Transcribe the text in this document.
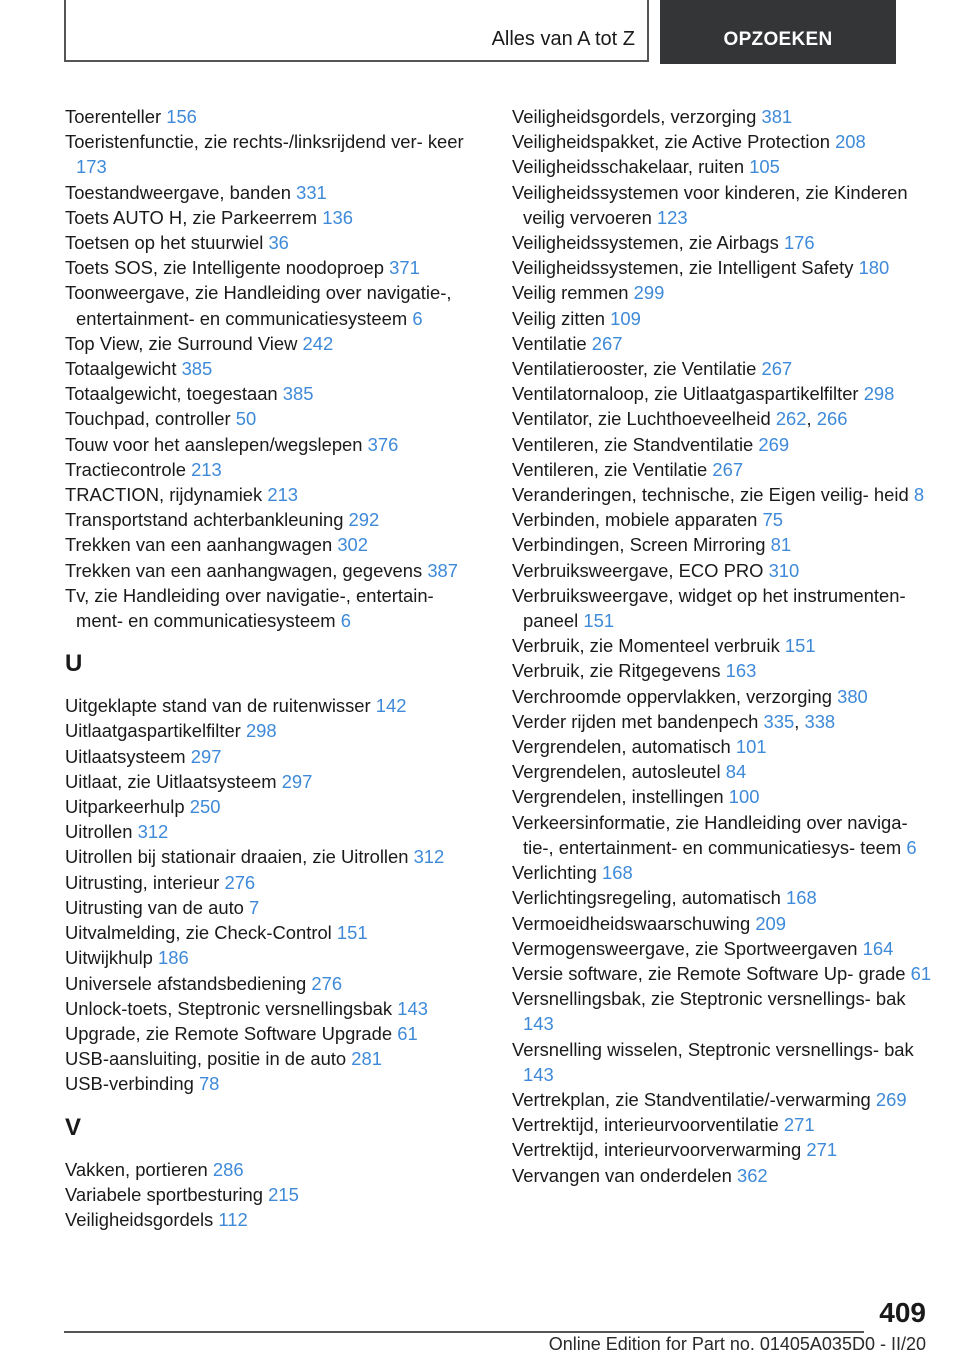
Alles van A tot Z	OPZOEKEN

Toerenteller 156

Toeristenfunctie, zie rechts-/linksrijdend ver‐ keer 173

Toestandweergave, banden 331

Toets AUTO H, zie Parkeerrem 136

Toetsen op het stuurwiel 36

Toets SOS, zie Intelligente noodoproep 371

Toonweergave, zie Handleiding over navigatie-, entertainment- en communicatiesysteem 6

Top View, zie Surround View 242

Totaalgewicht 385

Totaalgewicht, toegestaan 385

Touchpad, controller 50

Touw voor het aanslepen/wegslepen 376

Tractiecontrole 213

TRACTION, rijdynamiek 213

Transportstand achterbankleuning 292

Trekken van een aanhangwagen 302

Trekken van een aanhangwagen, gegevens 387

Tv, zie Handleiding over navigatie-, entertain‐ ment- en communicatiesysteem 6

U

Uitgeklapte stand van de ruitenwisser 142

Uitlaatgaspartikelfilter 298

Uitlaatsysteem 297

Uitlaat, zie Uitlaatsysteem 297

Uitparkeerhulp 250

Uitrollen 312

Uitrollen bij stationair draaien, zie Uitrollen 312

Uitrusting, interieur 276

Uitrusting van de auto 7

Uitvalmelding, zie Check-Control 151

Uitwijkhulp 186

Universele afstandsbediening 276

Unlock-toets, Steptronic versnellingsbak 143

Upgrade, zie Remote Software Upgrade 61

USB-aansluiting, positie in de auto 281

USB-verbinding 78

V

Vakken, portieren 286

Variabele sportbesturing 215

Veiligheidsgordels 112

Veiligheidsgordels, verzorging 381

Veiligheidspakket, zie Active Protection 208

Veiligheidsschakelaar, ruiten 105

Veiligheidssystemen voor kinderen, zie Kinderen veilig vervoeren 123

Veiligheidssystemen, zie Airbags 176

Veiligheidssystemen, zie Intelligent Safety 180

Veilig remmen 299

Veilig zitten 109

Ventilatie 267

Ventilatierooster, zie Ventilatie 267

Ventilatornaloop, zie Uitlaatgaspartikelfilter 298

Ventilator, zie Luchthoeveelheid 262, 266

Ventileren, zie Standventilatie 269

Ventileren, zie Ventilatie 267

Veranderingen, technische, zie Eigen veilig‐ heid 8

Verbinden, mobiele apparaten 75

Verbindingen, Screen Mirroring 81

Verbruiksweergave, ECO PRO 310

Verbruiksweergave, widget op het instrumenten‐ paneel 151

Verbruik, zie Momenteel verbruik 151

Verbruik, zie Ritgegevens 163

Verchroomde oppervlakken, verzorging 380

Verder rijden met bandenpech 335, 338

Vergrendelen, automatisch 101

Vergrendelen, autosleutel 84

Vergrendelen, instellingen 100

Verkeersinformatie, zie Handleiding over naviga‐ tie-, entertainment- en communicatiesys‐ teem 6

Verlichting 168

Verlichtingsregeling, automatisch 168

Vermoeidheidswaarschuwing 209

Vermogensweergave, zie Sportweergaven 164

Versie software, zie Remote Software Up‐ grade 61

Versnellingsbak, zie Steptronic versnellings‐ bak 143

Versnelling wisselen, Steptronic versnellings‐ bak 143

Vertrekplan, zie Standventilatie/-verwarming 269

Vertrektijd, interieurvoorventilatie 271

Vertrektijd, interieurvoorverwarming 271

Vervangen van onderdelen 362

409
Online Edition for Part no. 01405A035D0 - II/20
